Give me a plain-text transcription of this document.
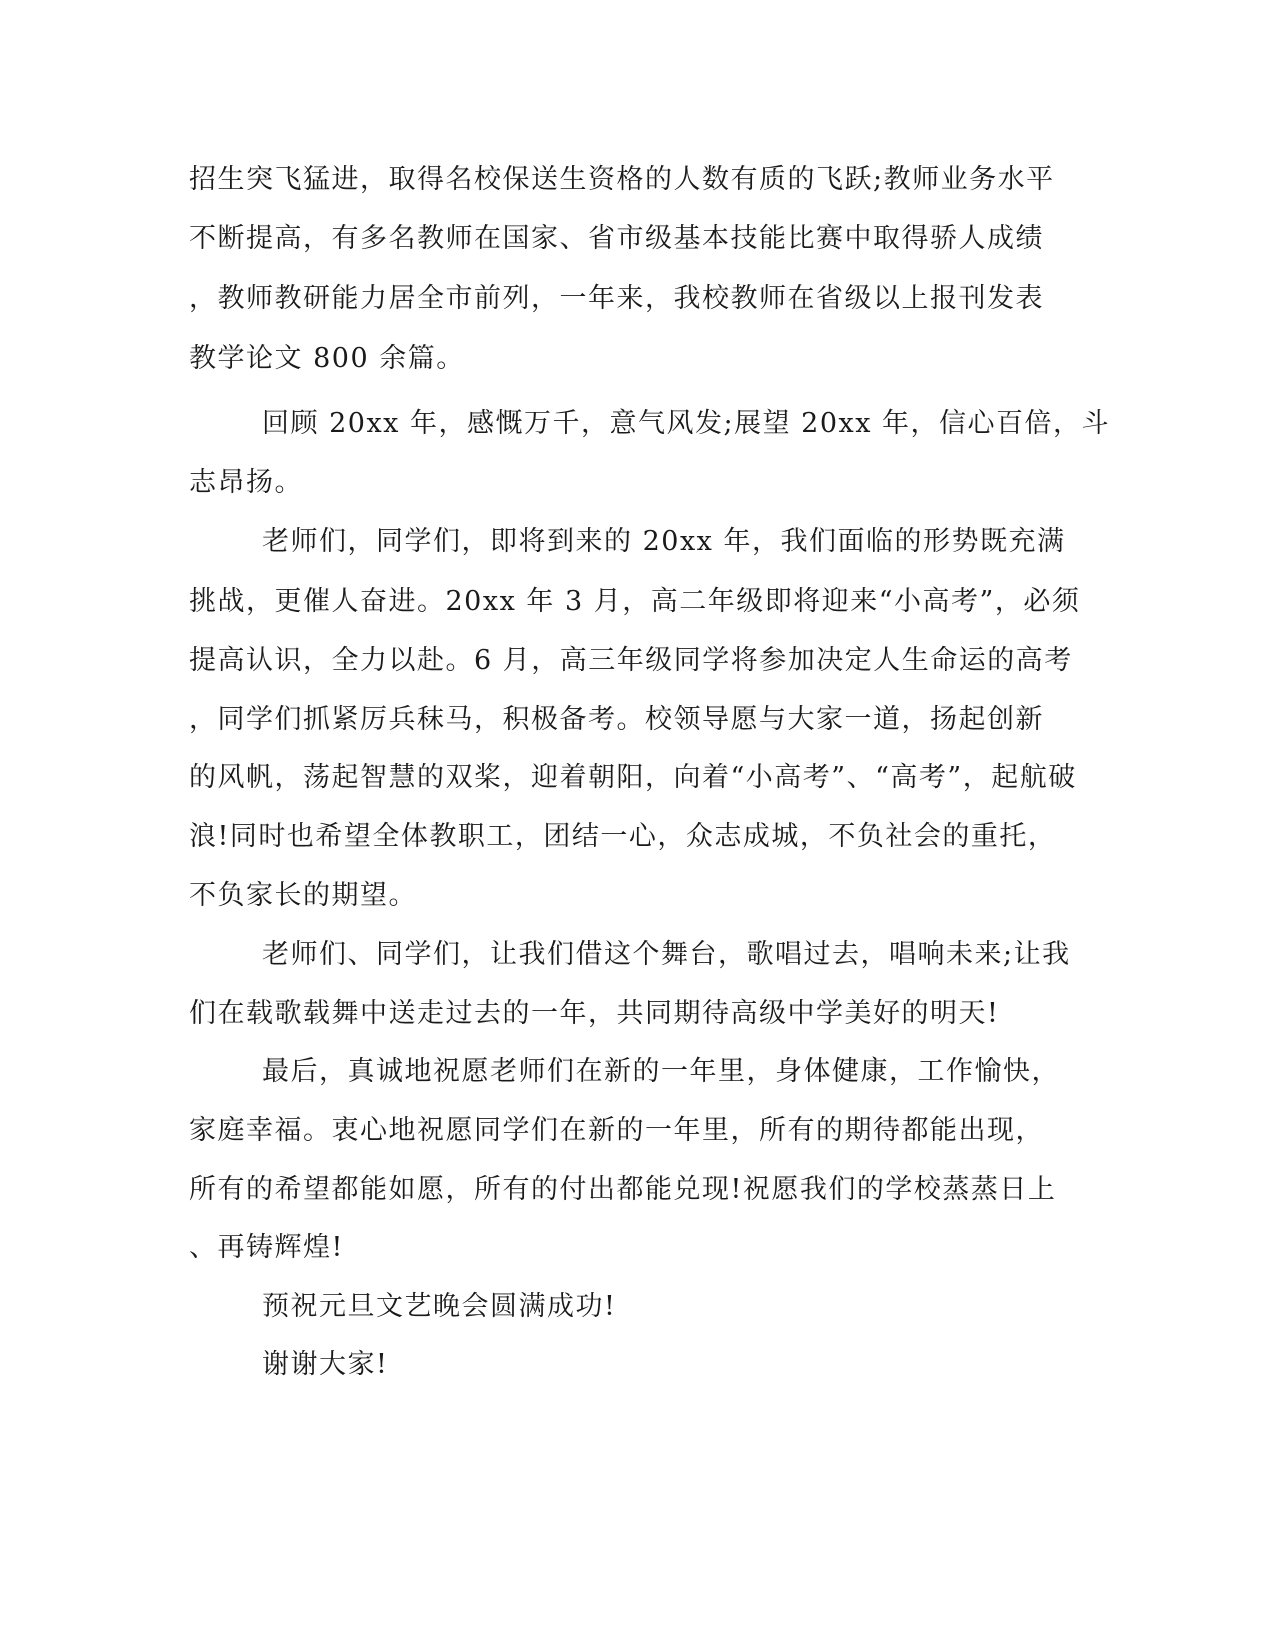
招生突飞猛进，取得名校保送生资格的人数有质的飞跃;教师业务水平
不断提高，有多名教师在国家、省市级基本技能比赛中取得骄人成绩
，教师教研能力居全市前列，一年来，我校教师在省级以上报刊发表
教学论文 800 余篇。
回顾 20xx 年，感慨万千，意气风发;展望 20xx 年，信心百倍，斗
志昂扬。
老师们，同学们，即将到来的 20xx 年，我们面临的形势既充满
挑战，更催人奋进。20xx 年 3 月，高二年级即将迎来“小高考”，必须
提高认识，全力以赴。6 月，高三年级同学将参加决定人生命运的高考
，同学们抓紧厉兵秣马，积极备考。校领导愿与大家一道，扬起创新
的风帆，荡起智慧的双桨，迎着朝阳，向着“小高考”、“高考”，起航破
浪!同时也希望全体教职工，团结一心，众志成城，不负社会的重托，
不负家长的期望。
老师们、同学们，让我们借这个舞台，歌唱过去，唱响未来;让我
们在载歌载舞中送走过去的一年，共同期待高级中学美好的明天!
最后，真诚地祝愿老师们在新的一年里，身体健康，工作愉快，
家庭幸福。衷心地祝愿同学们在新的一年里，所有的期待都能出现，
所有的希望都能如愿，所有的付出都能兑现!祝愿我们的学校蒸蒸日上
、再铸辉煌!
预祝元旦文艺晚会圆满成功!
谢谢大家!
